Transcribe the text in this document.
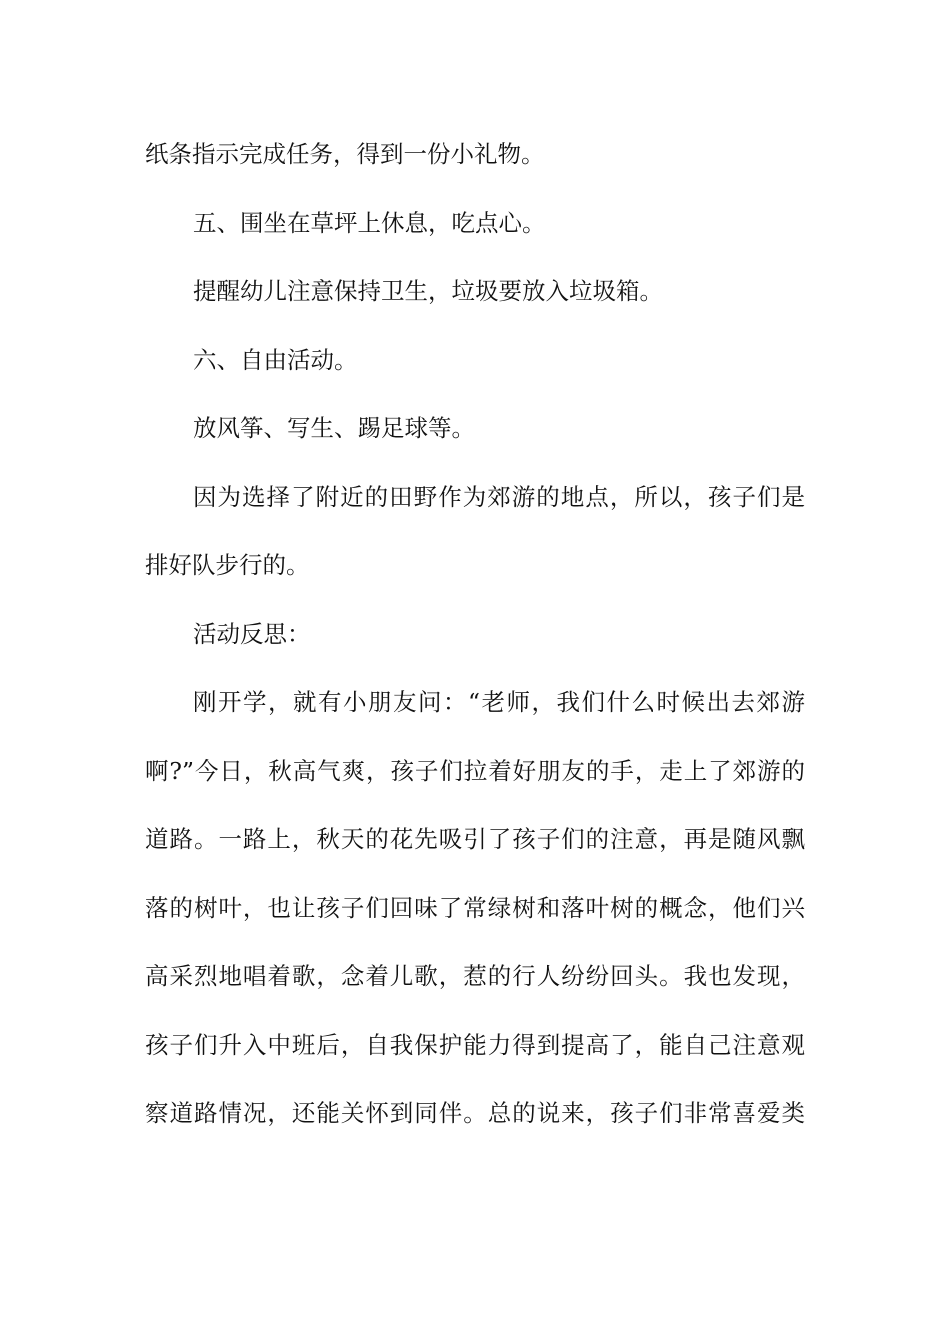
纸条指示完成任务，得到一份小礼物。
五、围坐在草坪上休息，吃点心。
提醒幼儿注意保持卫生，垃圾要放入垃圾箱。
六、自由活动。
放风筝、写生、踢足球等。
因为选择了附近的田野作为郊游的地点，所以，孩子们是
排好队步行的。
活动反思：
刚开学，就有小朋友问：“老师，我们什么时候出去郊游
啊?”今日，秋高气爽，孩子们拉着好朋友的手，走上了郊游的
道路。一路上，秋天的花先吸引了孩子们的注意，再是随风飘
落的树叶，也让孩子们回味了常绿树和落叶树的概念，他们兴
高采烈地唱着歌，念着儿歌，惹的行人纷纷回头。我也发现，
孩子们升入中班后，自我保护能力得到提高了，能自己注意观
察道路情况，还能关怀到同伴。总的说来，孩子们非常喜爱类
